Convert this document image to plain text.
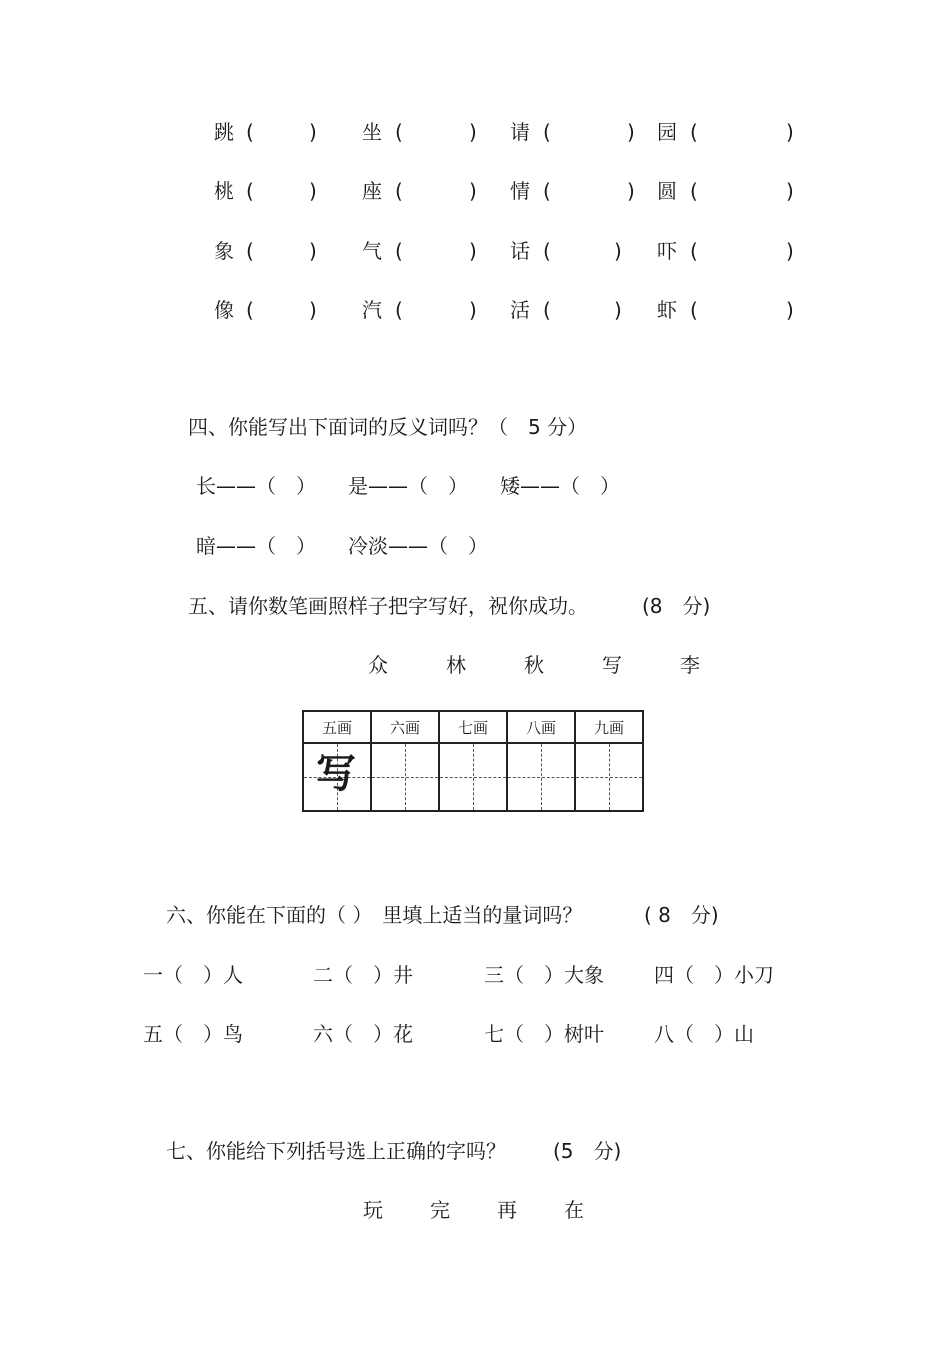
跳 (	) 坐 (	) 请 (	) 园 (	)
桃 (	) 座 (	) 情 (	) 圆 (	)
象 (	) 气 (	) 话 (	) 吓 (	)
像 (	) 汽 (	) 活 (	) 虾 (	)
四、你能写出下面词的反义词吗？（　5 分）
长——（　） 是——（　） 矮——（　）
暗——（　） 冷淡——（　）
五、请你数笔画照样子把字写好，祝你成功。	(8　分)
众	林	秋	写	李
五画	六画	七画	八画	九画

写				

六、你能在下面的（ ）　里填上适当的量词吗？	( 8　分)
一（　）人	二（　）井	三（　）大象	四（　）小刀
五（　）鸟	六（　）花	七（　）树叶	八（　）山
七、你能给下列括号选上正确的字吗？ (5　分)
玩 完 再 在
